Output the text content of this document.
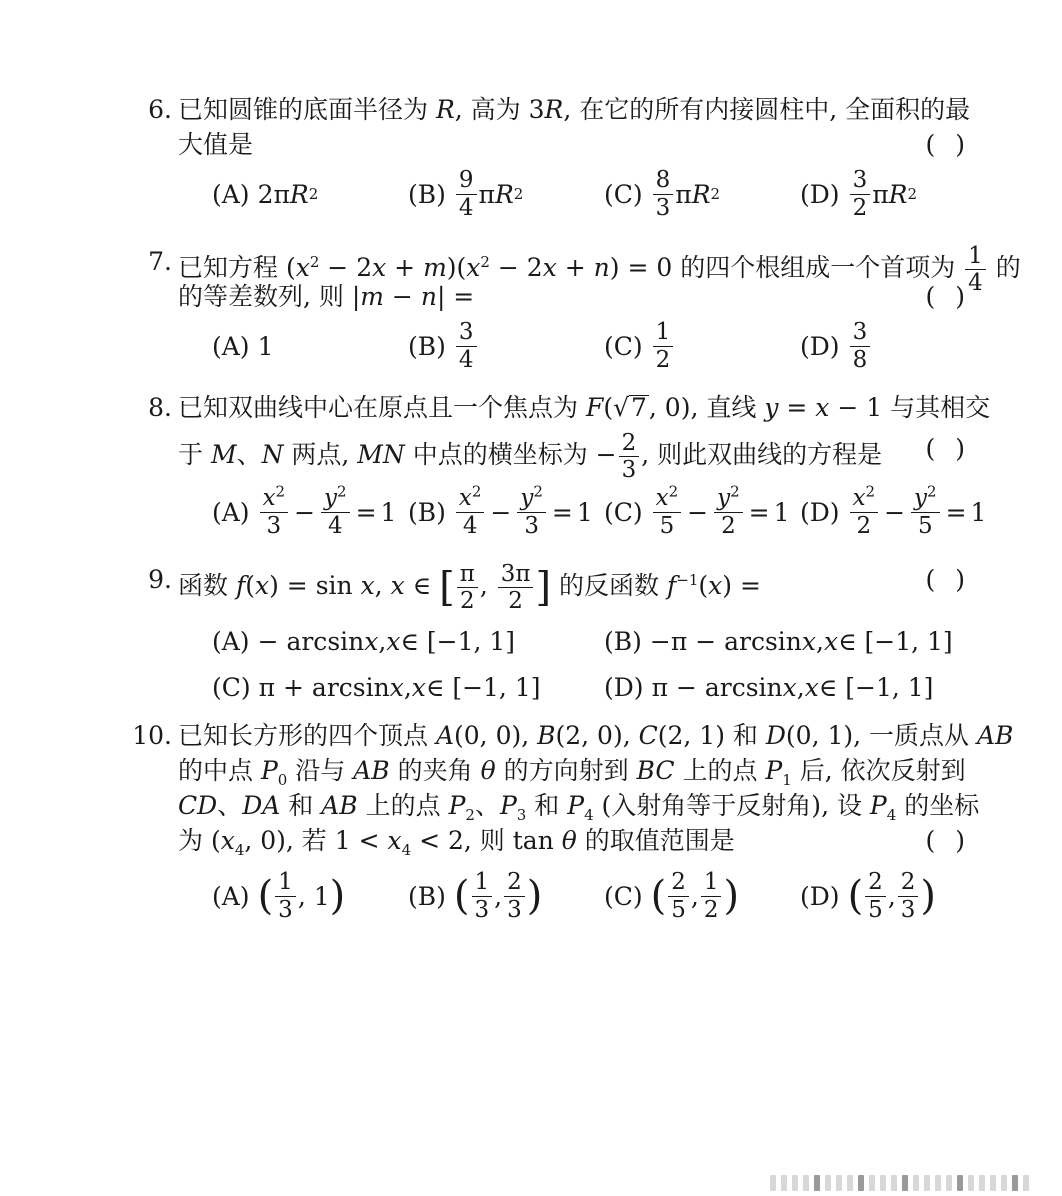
6. 已知圆锥的底面半径为 R, 高为 3R, 在它的所有内接圆柱中, 全面积的最
大值是	( )
(A) 2π R 2	$(B) \frac{9}{4}$ π R 2	$(C) \frac{8}{3}$ π R 2	$(D) \frac{3}{2}$ π R 2
7. 已知方程 $(x^2 - 2x + m)(x^2 - 2x + n) = 0$ 的四个根组成一个首项为 $\frac{1}{4}$ 的
的等差数列, 则 |m − n| =	( )
(A) 1	$(B) \frac{3}{4}$	$(C) \frac{1}{2}$	$(D) \frac{3}{8}$
8. 已知双曲线中心在原点且一个焦点为 F(√7, 0), 直线 y = x − 1 与其相交
于 M、N 两点, MN 中点的横坐标为 − $\frac{2}{3}$ , 则此双曲线的方程是 ( )
$(A) \frac{x^2}{3} - \frac{y^2}{4} = 1$ $(B) \frac{x^2}{4} - \frac{y^2}{3} = 1$ $(C) \frac{x^2}{5} - \frac{y^2}{2} = 1$ $(D) \frac{x^2}{2} - \frac{y^2}{5} = 1$
9. 函数 f(x) = sin x, x ∈ [ $\frac{\pi}{2}$ , $\frac{3\pi}{2}$ ] 的反函数 $f^{-1}(x)$ =	( )
(A) − arcsin x , x ∈ [−1, 1]	(B) −π − arcsin x , x ∈ [−1, 1]
(C) π + arcsin x , x ∈ [−1, 1]	(D) π − arcsin x , x ∈ [−1, 1]
10. 已知长方形的四个顶点 A(0, 0), B(2, 0), C(2, 1) 和 D(0, 1), 一质点从 AB
的中点 $P_0$ 沿与 AB 的夹角 θ 的方向射到 BC 上的点 $P_1$ 后, 依次反射到
CD、DA 和 AB 上的点 $P_2$、$P_3$ 和 $P_4$ (入射角等于反射角), 设 $P_4$ 的坐标
为 ($x_4$, 0), 若 $1 < x_4 < 2$, 则 tan θ 的取值范围是	( )
(A) ( $\frac{1}{3}$ , 1 )	(B) ( $\frac{1}{3}$ , $\frac{2}{3}$ ) (C) ( $\frac{2}{5}$ , $\frac{1}{2}$ ) (D) ( $\frac{2}{5}$ , $\frac{2}{3}$ )
